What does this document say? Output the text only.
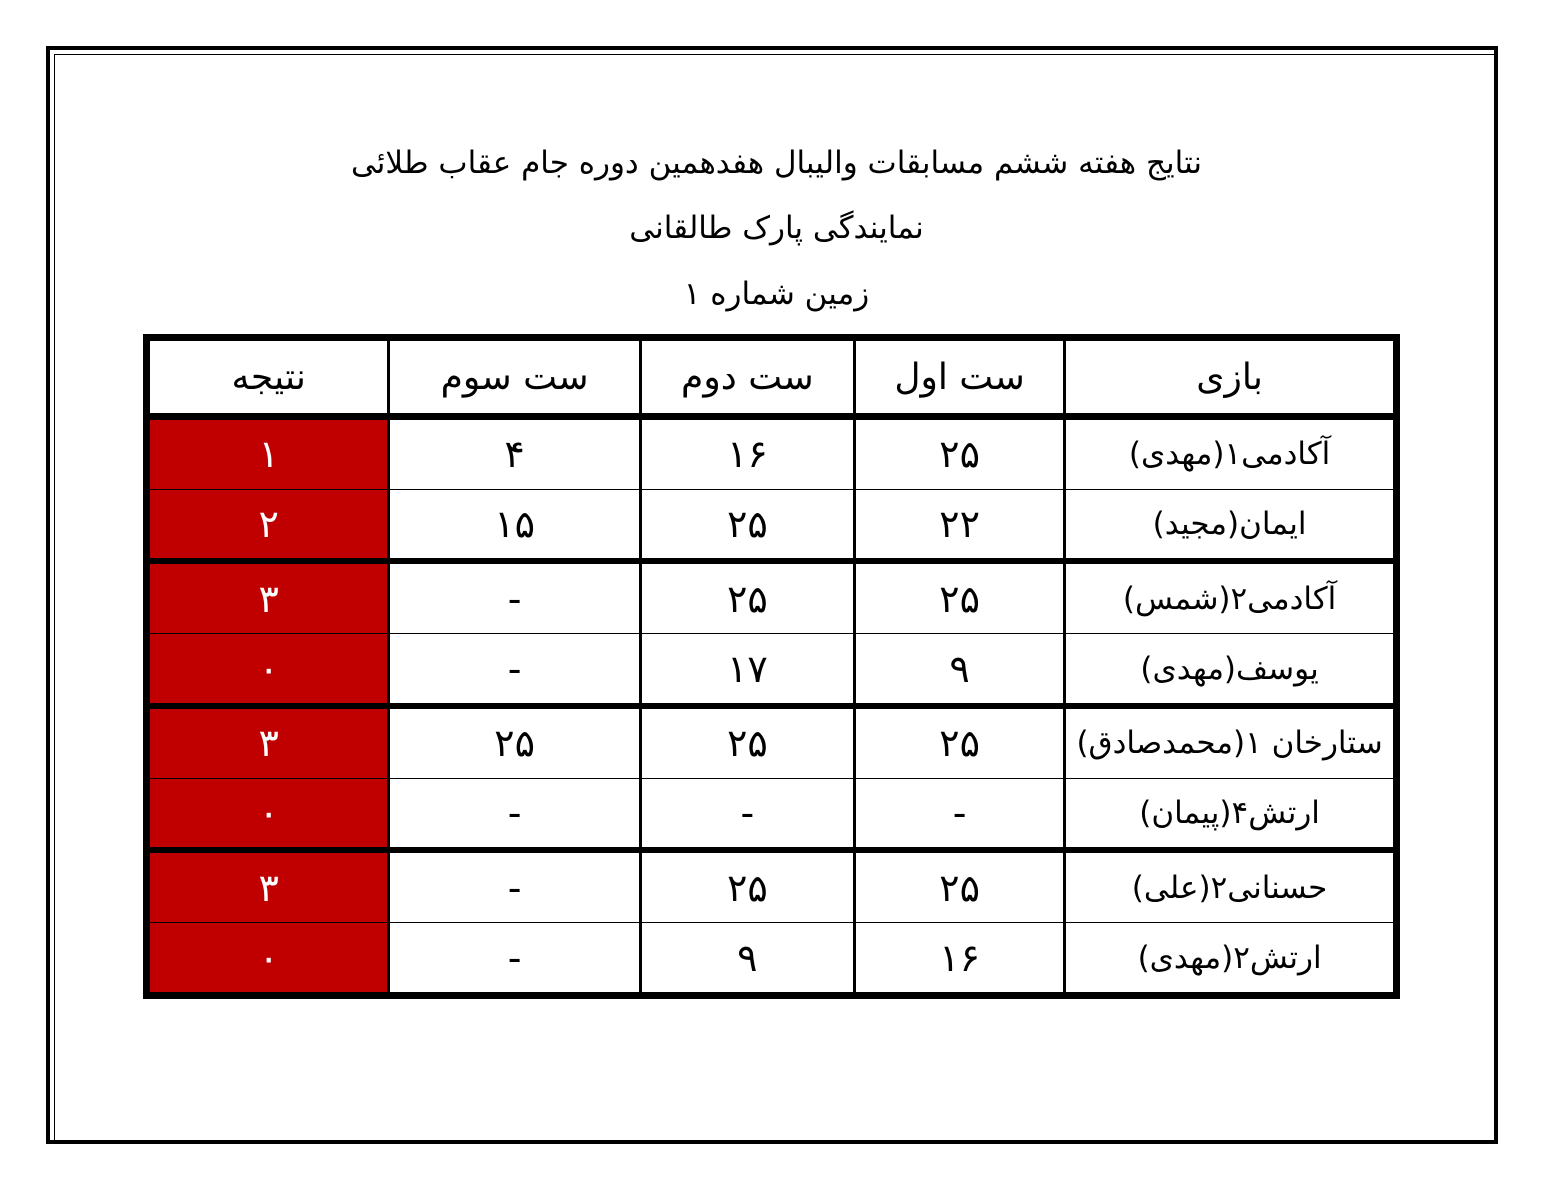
نتایج هفته ششم مسابقات والیبال هفدهمین دوره جام عقاب طلائی
نمایندگی پارک طالقانی
زمین شماره ۱
بازی	ست اول	ست دوم	ست سوم	نتیجه
آکادمی۱(مهدی)	۲۵	۱۶	۴	۱
ایمان(مجید)	۲۲	۲۵	۱۵	۲
آکادمی۲(شمس)	۲۵	۲۵	-	۳
یوسف(مهدی)	۹	۱۷	-	۰
ستارخان ۱(محمدصادق)	۲۵	۲۵	۲۵	۳
ارتش۴(پیمان)	-	-	-	۰
حسنانی۲(علی)	۲۵	۲۵	-	۳
ارتش۲(مهدی)	۱۶	۹	-	۰
